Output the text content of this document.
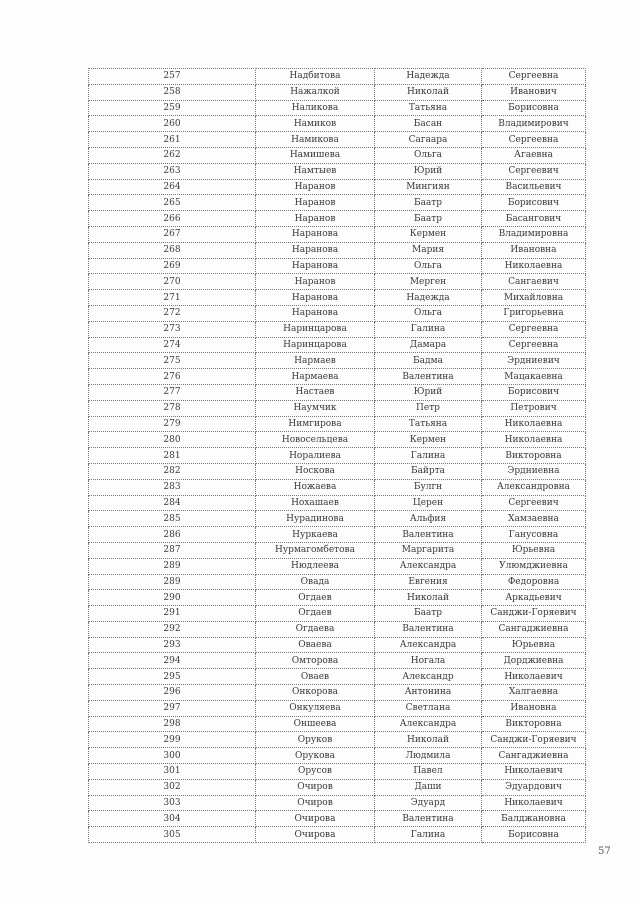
257	Надбитова	Надежда	Сергеевна
258	Нажалкой	Николай	Иванович
259	Наликова	Татьяна	Борисовна
260	Намиков	Басан	Владимирович
261	Намикова	Сагаара	Сергеевна
262	Намишева	Ольга	Агаевна
263	Намтыев	Юрий	Сергеевич
264	Наранов	Мингиян	Васильевич
265	Наранов	Баатр	Борисович
266	Наранов	Баатр	Басангович
267	Наранова	Кермен	Владимировна
268	Наранова	Мария	Ивановна
269	Наранова	Ольга	Николаевна
270	Наранов	Мерген	Сангаевич
271	Наранова	Надежда	Михайловна
272	Наранова	Ольга	Григорьевна
273	Наринцарова	Галина	Сергеевна
274	Наринцарова	Дамара	Сергеевна
275	Нармаев	Бадма	Эрдниевич
276	Нармаева	Валентина	Мацакаевна
277	Настаев	Юрий	Борисович
278	Наумчик	Петр	Петрович
279	Нимгирова	Татьяна	Николаевна
280	Новосельцева	Кермен	Николаевна
281	Норалиева	Галина	Викторовна
282	Носкова	Байрта	Эрдниевна
283	Ножаева	Булгн	Александровна
284	Нохашаев	Церен	Сергеевич
285	Нурадинова	Альфия	Хамзаевна
286	Нуркаева	Валентина	Ганусовна
287	Нурмагомбетова	Маргарита	Юрьевна
289	Нюдлеева	Александра	Улюмджиевна
289	Овада	Евгения	Федоровна
290	Огдаев	Николай	Аркадьевич
291	Огдаев	Баатр	Санджи-Горяевич
292	Огдаева	Валентина	Сангаджиевна
293	Оваева	Александра	Юрьевна
294	Омторова	Ногала	Дорджиевна
295	Оваев	Александр	Николаевич
296	Онкорова	Антонина	Халгаевна
297	Онкуляева	Светлана	Ивановна
298	Оншеева	Александра	Викторовна
299	Оруков	Николай	Санджи-Горяевич
300	Орукова	Людмила	Сангаджиевна
301	Орусов	Павел	Николаевич
302	Очиров	Даши	Эдуардович
303	Очиров	Эдуард	Николаевич
304	Очирова	Валентина	Балджановна
305	Очирова	Галина	Борисовна
57
